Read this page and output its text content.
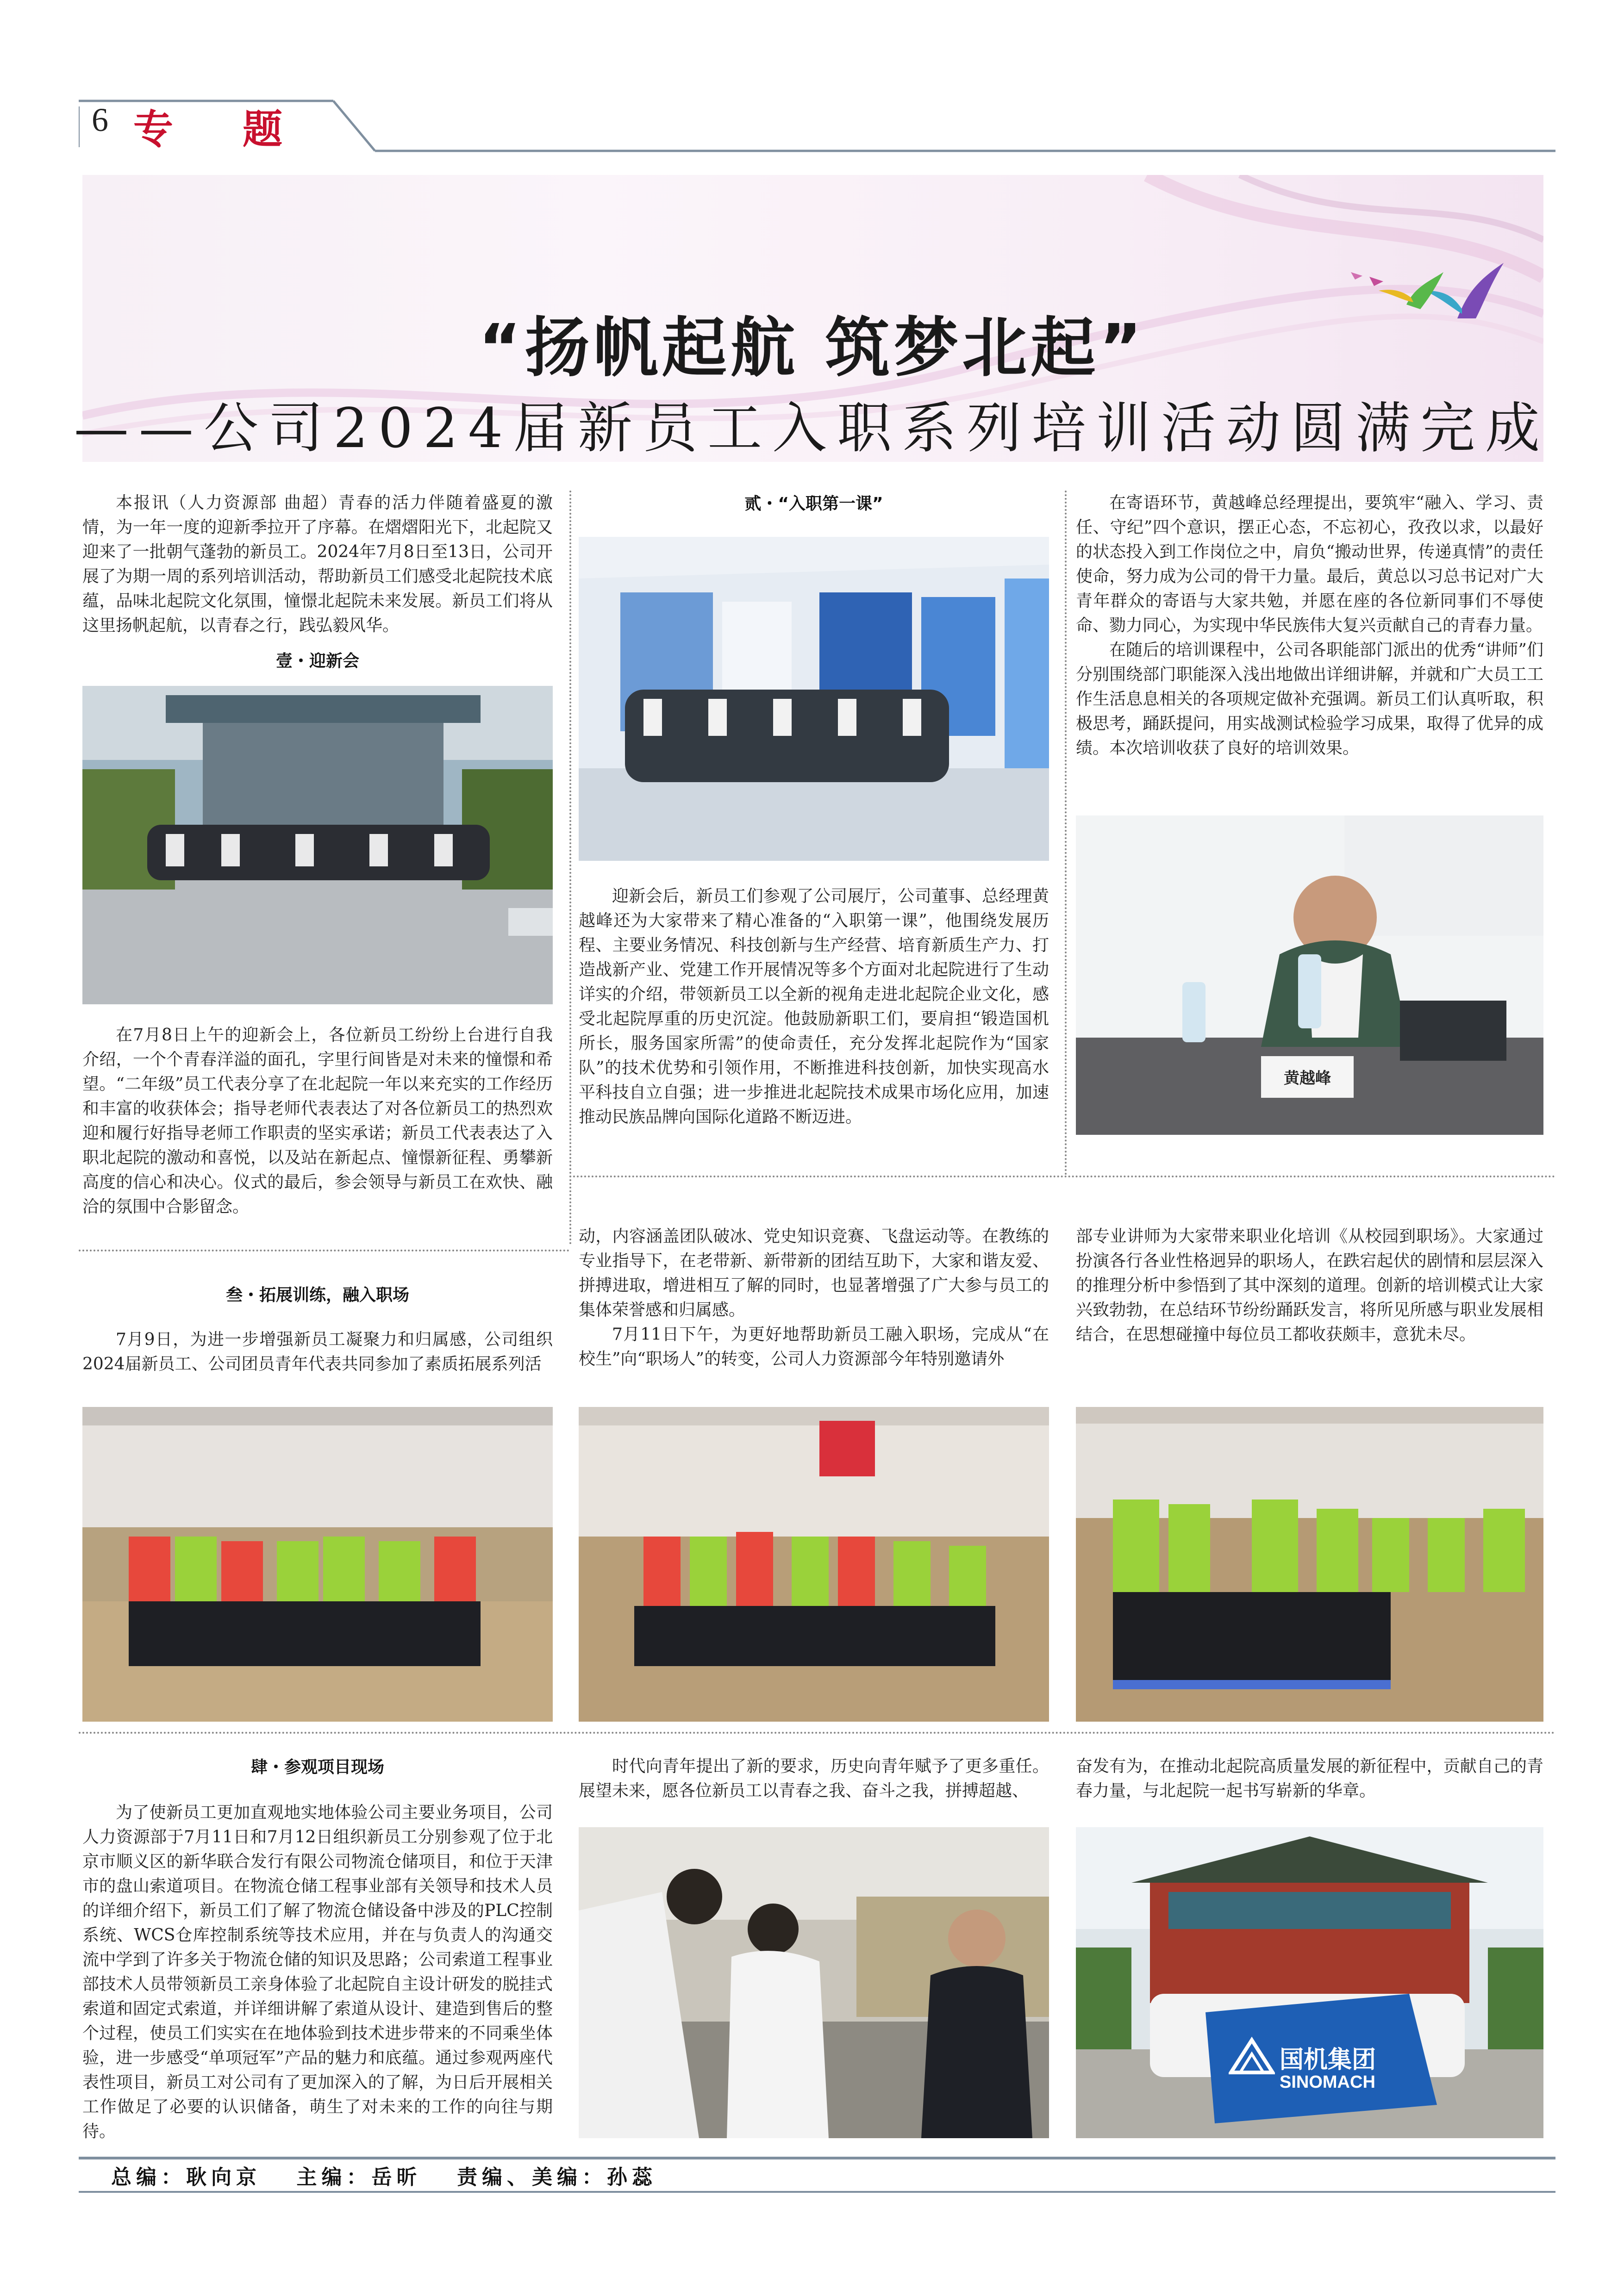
6 专题
“扬帆起航 筑梦北起”
——公司2024届新员工入职系列培训活动圆满完成

本报讯（人力资源部 曲超）青春的活力伴随着盛夏的激情，为一年一度的迎新季拉开了序幕。在熠熠阳光下，北起院又迎来了一批朝气蓬勃的新员工。2024年7月8日至13日，公司开展了为期一周的系列培训活动，帮助新员工们感受北起院技术底蕴，品味北起院文化氛围，憧憬北起院未来发展。新员工们将从这里扬帆起航，以青春之行，践弘毅风华。

壹・迎新会

在7月8日上午的迎新会上，各位新员工纷纷上台进行自我介绍，一个个青春洋溢的面孔，字里行间皆是对未来的憧憬和希望。“二年级”员工代表分享了在北起院一年以来充实的工作经历和丰富的收获体会；指导老师代表表达了对各位新员工的热烈欢迎和履行好指导老师工作职责的坚实承诺；新员工代表表达了入职北起院的激动和喜悦，以及站在新起点、憧憬新征程、勇攀新高度的信心和决心。仪式的最后，参会领导与新员工在欢快、融洽的氛围中合影留念。

贰・“入职第一课”

迎新会后，新员工们参观了公司展厅，公司董事、总经理黄越峰还为大家带来了精心准备的“入职第一课”，他围绕发展历程、主要业务情况、科技创新与生产经营、培育新质生产力、打造战新产业、党建工作开展情况等多个方面对北起院进行了生动详实的介绍，带领新员工以全新的视角走进北起院企业文化，感受北起院厚重的历史沉淀。他鼓励新职工们，要肩担“锻造国机所长，服务国家所需”的使命责任，充分发挥北起院作为“国家队”的技术优势和引领作用，不断推进科技创新，加快实现高水平科技自立自强；进一步推进北起院技术成果市场化应用，加速推动民族品牌向国际化道路不断迈进。

在寄语环节，黄越峰总经理提出，要筑牢“融入、学习、责任、守纪”四个意识，摆正心态，不忘初心，孜孜以求，以最好的状态投入到工作岗位之中，肩负“搬动世界，传递真情”的责任使命，努力成为公司的骨干力量。最后，黄总以习总书记对广大青年群众的寄语与大家共勉，并愿在座的各位新同事们不辱使命、勠力同心，为实现中华民族伟大复兴贡献自己的青春力量。

在随后的培训课程中，公司各职能部门派出的优秀“讲师”们分别围绕部门职能深入浅出地做出详细讲解，并就和广大员工工作生活息息相关的各项规定做补充强调。新员工们认真听取，积极思考，踊跃提问，用实战测试检验学习成果，取得了优异的成绩。本次培训收获了良好的培训效果。

黄越峰
叁・拓展训练，融入职场

7月9日，为进一步增强新员工凝聚力和归属感，公司组织2024届新员工、公司团员青年代表共同参加了素质拓展系列活

动，内容涵盖团队破冰、党史知识竞赛、飞盘运动等。在教练的专业指导下，在老带新、新带新的团结互助下，大家和谐友爱、拼搏进取，增进相互了解的同时，也显著增强了广大参与员工的集体荣誉感和归属感。

7月11日下午，为更好地帮助新员工融入职场，完成从“在校生”向“职场人”的转变，公司人力资源部今年特别邀请外

部专业讲师为大家带来职业化培训《从校园到职场》。大家通过扮演各行各业性格迥异的职场人，在跌宕起伏的剧情和层层深入的推理分析中参悟到了其中深刻的道理。创新的培训模式让大家兴致勃勃，在总结环节纷纷踊跃发言，将所见所感与职业发展相结合，在思想碰撞中每位员工都收获颇丰，意犹未尽。

肆・参观项目现场

为了使新员工更加直观地实地体验公司主要业务项目，公司人力资源部于7月11日和7月12日组织新员工分别参观了位于北京市顺义区的新华联合发行有限公司物流仓储项目，和位于天津市的盘山索道项目。在物流仓储工程事业部有关领导和技术人员的详细介绍下，新员工们了解了物流仓储设备中涉及的PLC控制系统、WCS仓库控制系统等技术应用，并在与负责人的沟通交流中学到了许多关于物流仓储的知识及思路；公司索道工程事业部技术人员带领新员工亲身体验了北起院自主设计研发的脱挂式索道和固定式索道，并详细讲解了索道从设计、建造到售后的整个过程，使员工们实实在在地体验到技术进步带来的不同乘坐体验，进一步感受“单项冠军”产品的魅力和底蕴。通过参观两座代表性项目，新员工对公司有了更加深入的了解，为日后开展相关工作做足了必要的认识储备，萌生了对未来的工作的向往与期待。

时代向青年提出了新的要求，历史向青年赋予了更多重任。展望未来，愿各位新员工以青春之我、奋斗之我，拼搏超越、

奋发有为，在推动北起院高质量发展的新征程中，贡献自己的青春力量，与北起院一起书写崭新的华章。

国机集团
SINOMACH
总编：耿向京 主编：岳昕 责编、美编：孙蕊
